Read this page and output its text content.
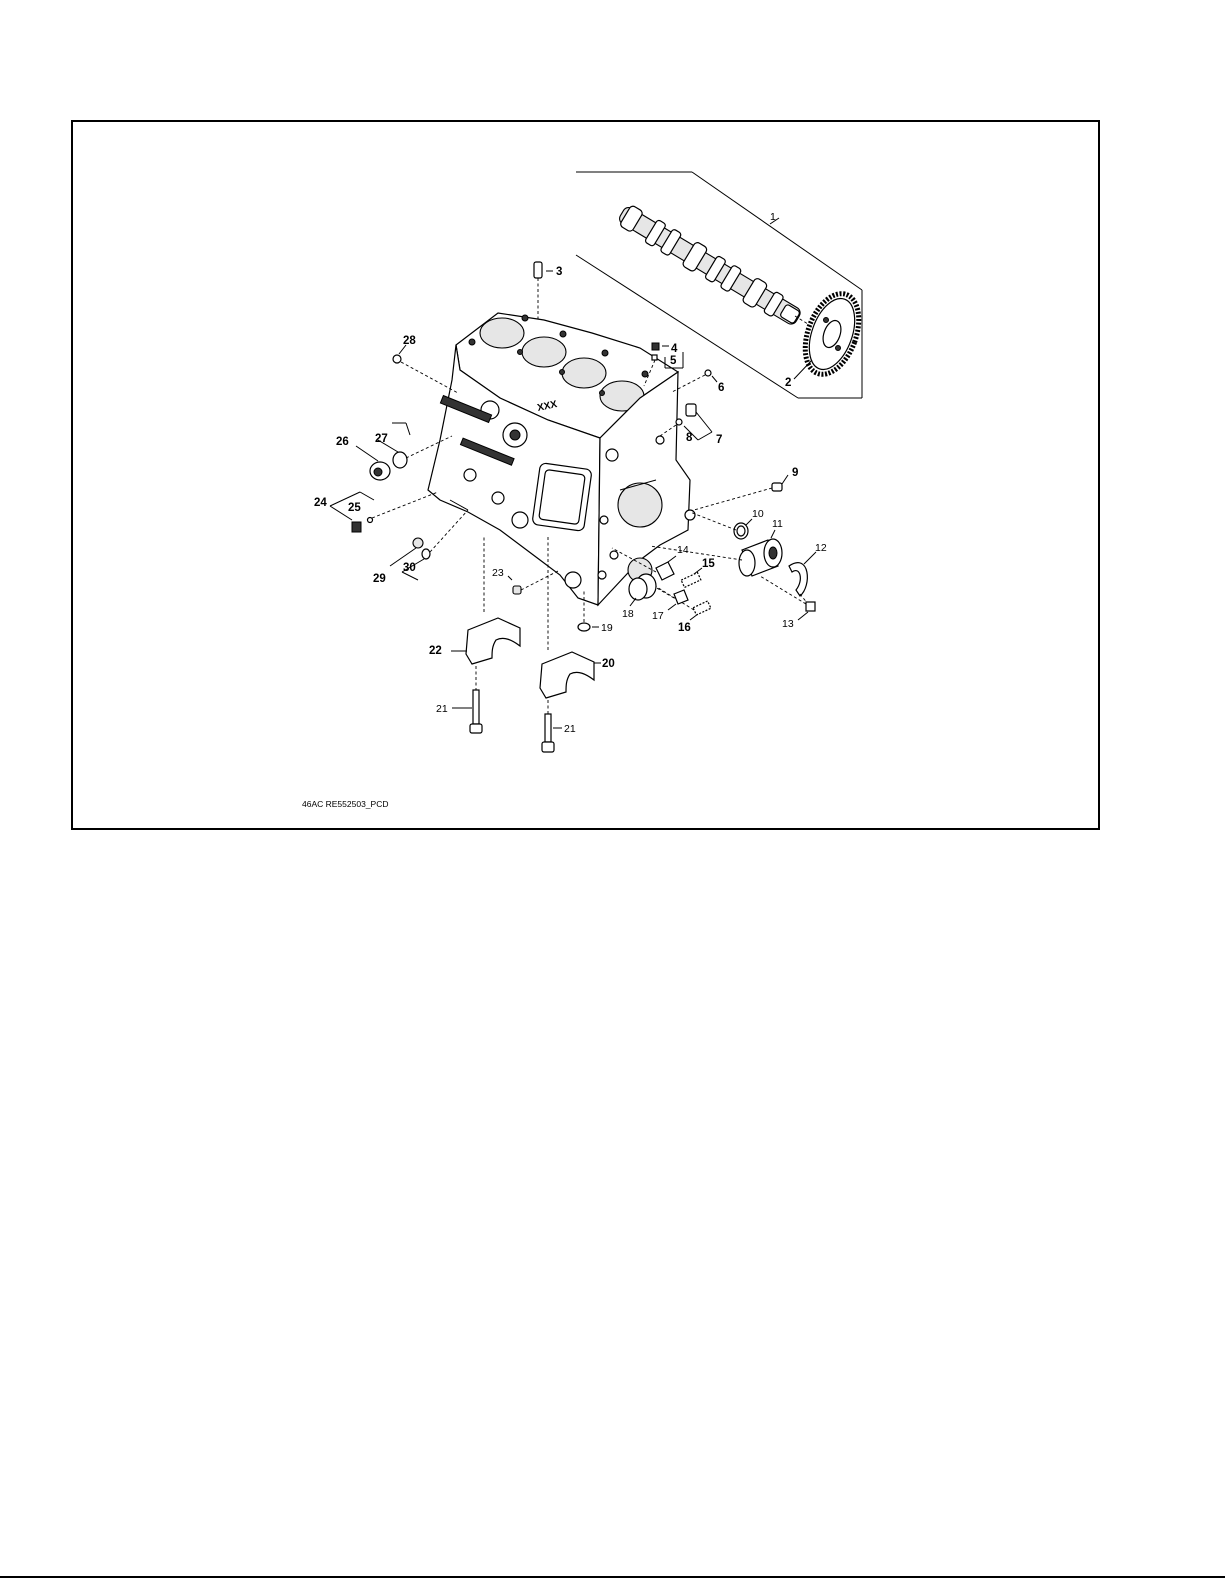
1
2
XXX
3
4
5
6
7
8
9
10
11
12
13
14
15
16
17
18
19
23
22
20
21
21
28
26 27
24 25
29
30
46AC RE552503_PCD
